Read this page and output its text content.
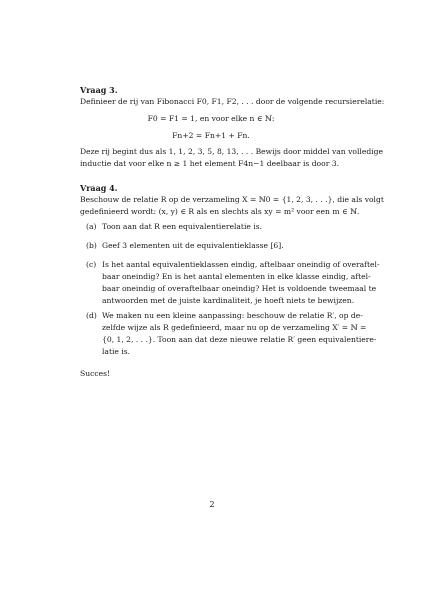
Vraag 3.
Definieer de rij van Fibonacci F0, F1, F2, . . . door de volgende recursierelatie:
F0 = F1 = 1, en voor elke n ∈ ℕ:
Fn+2 = Fn+1 + Fn.
Deze rij begint dus als 1, 1, 2, 3, 5, 8, 13, . . . Bewijs door middel van volledige
inductie dat voor elke n ≥ 1 het element F4n−1 deelbaar is door 3.
Vraag 4.
Beschouw de relatie R op de verzameling X = ℕ0 = {1, 2, 3, . . .}, die als volgt
gedefinieerd wordt: (x, y) ∈ R als en slechts als xy = m² voor een m ∈ ℕ.
(a) Toon aan dat R een equivalentierelatie is.
(b) Geef 3 elementen uit de equivalentieklasse [6].
(c) Is het aantal equivalentieklassen eindig, aftelbaar oneindig of overaftel-
baar oneindig? En is het aantal elementen in elke klasse eindig, aftel-
baar oneindig of overaftelbaar oneindig? Het is voldoende tweemaal te
antwoorden met de juiste kardinaliteit, je hoeft niets te bewijzen.
(d) We maken nu een kleine aanpassing: beschouw de relatie R′, op de-
zelfde wijze als R gedefinieerd, maar nu op de verzameling X′ = ℕ =
{0, 1, 2, . . .}. Toon aan dat deze nieuwe relatie R′ geen equivalentiere-
latie is.
Succes!
2
